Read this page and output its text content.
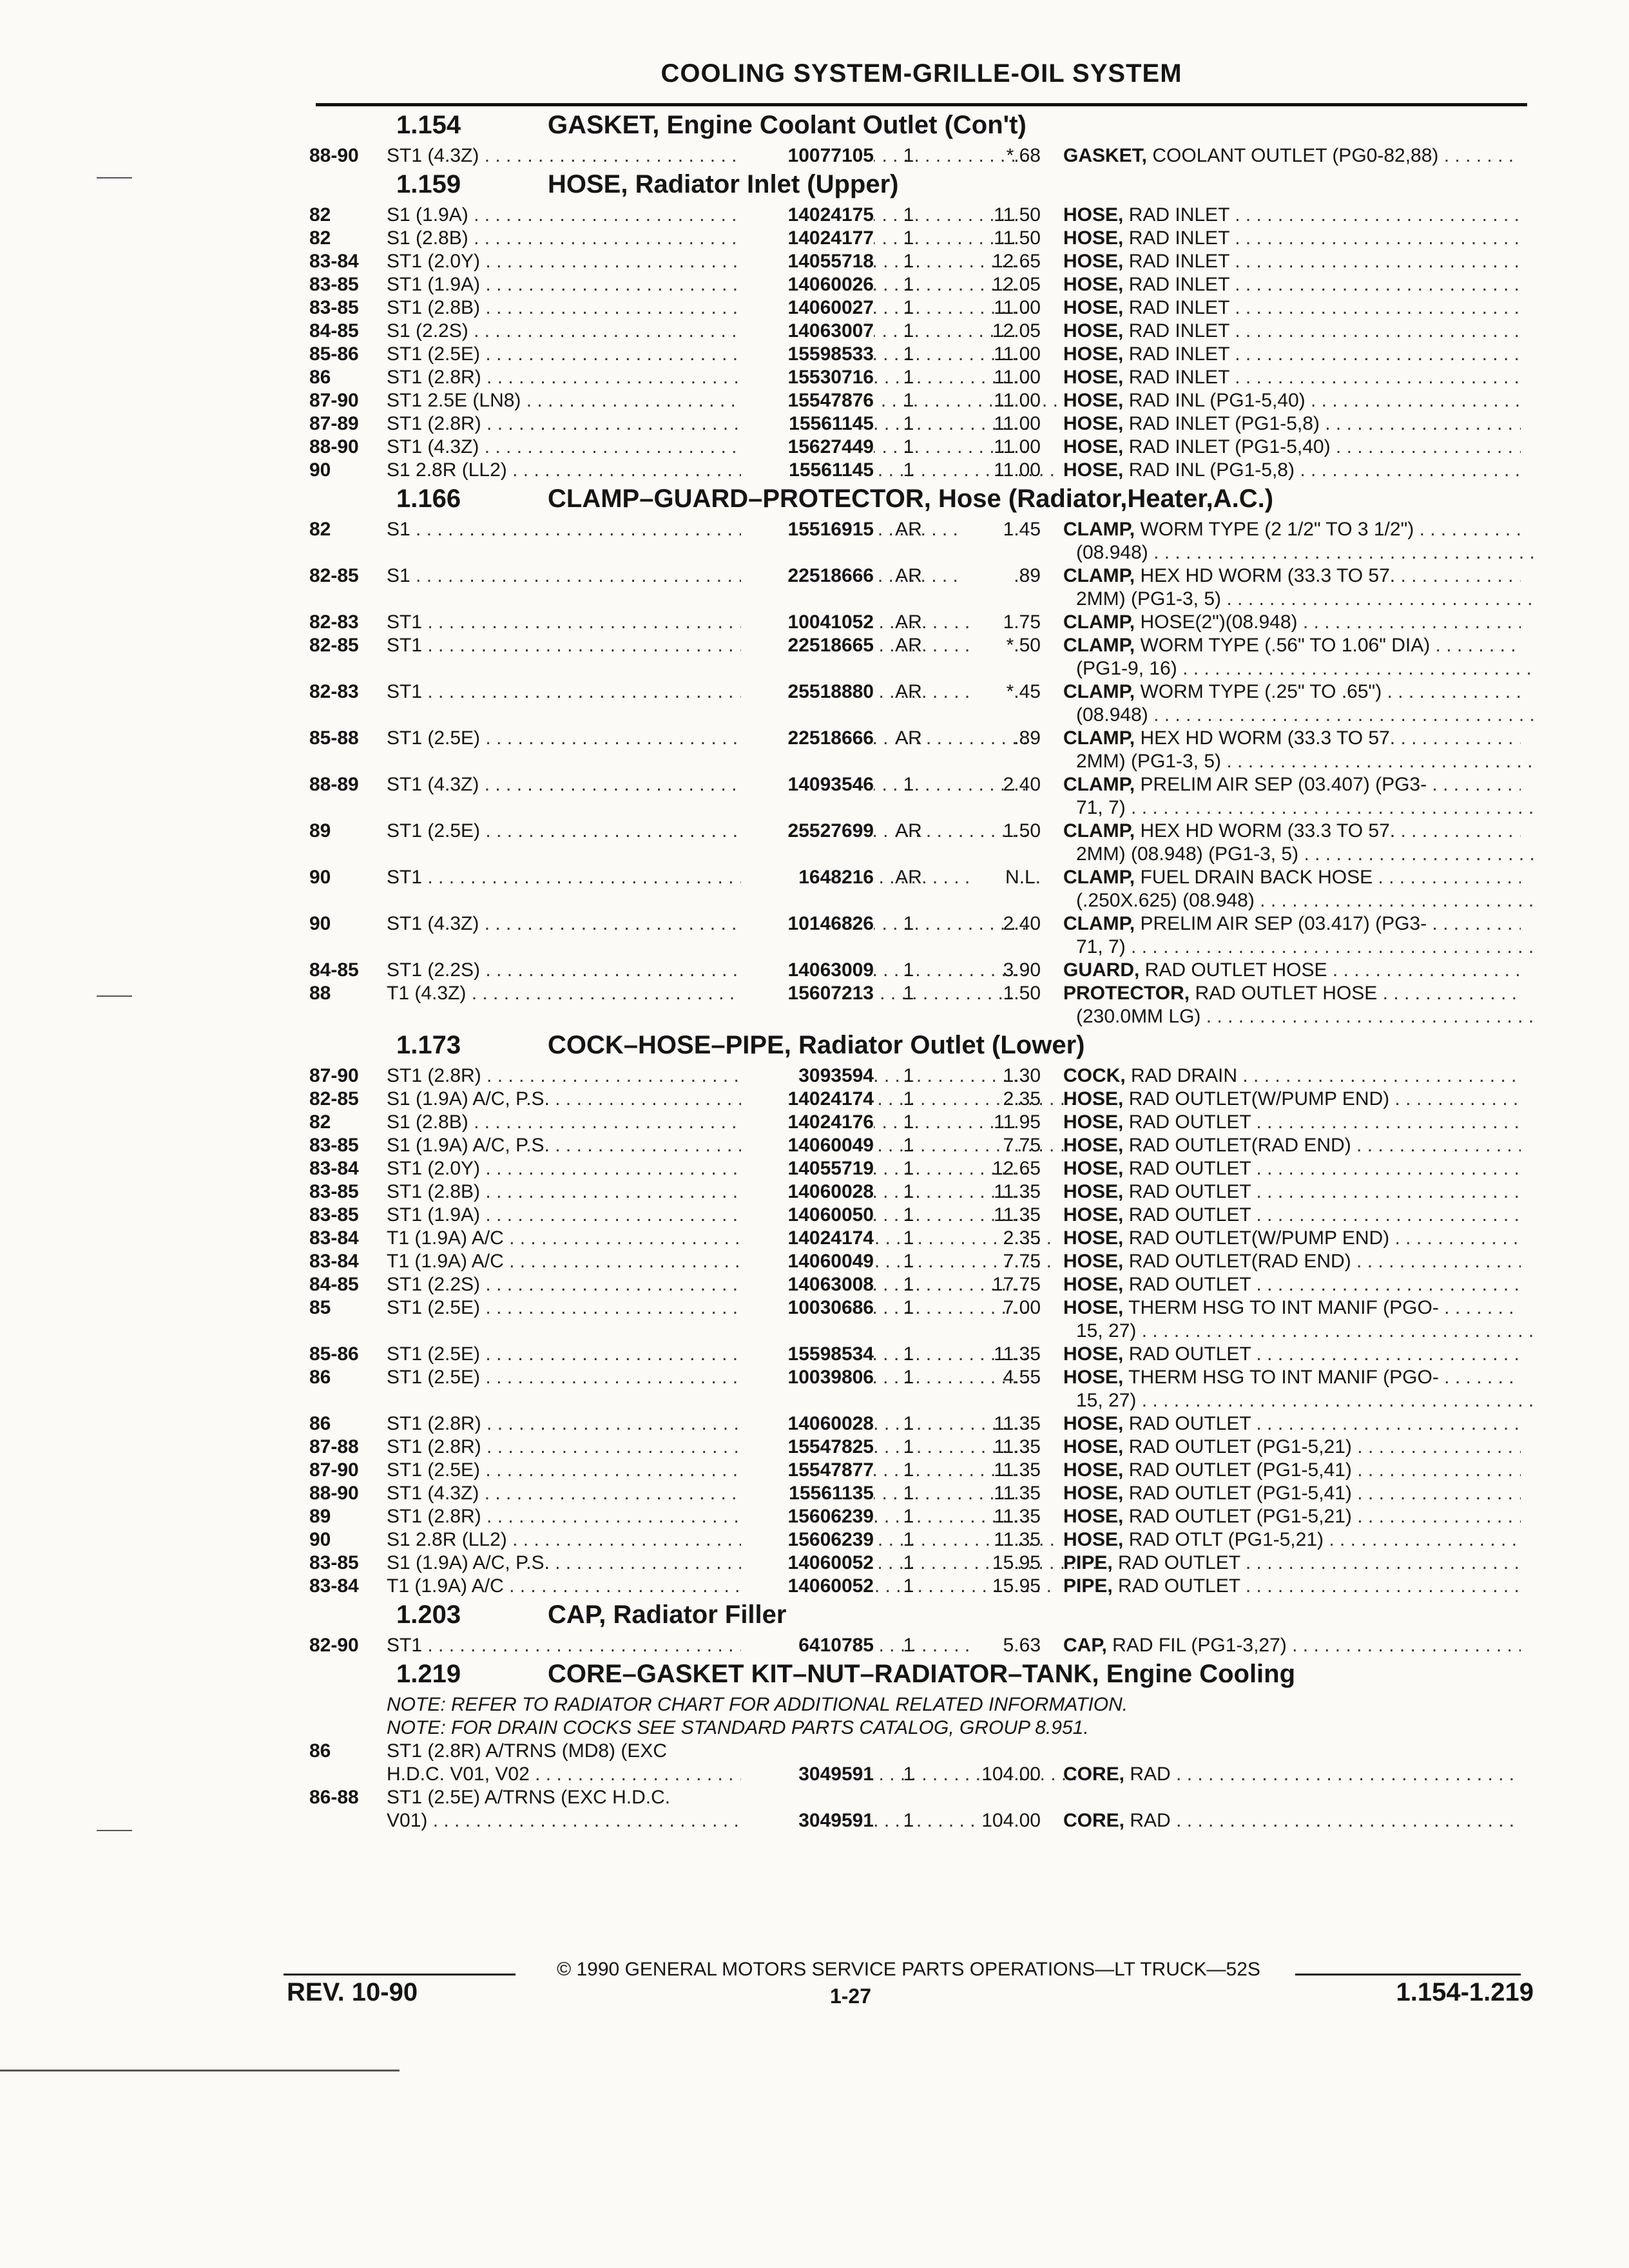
COOLING SYSTEM-GRILLE-OIL SYSTEM
1.154	GASKET, Engine Coolant Outlet (Con't)
88-90 ST1 (4.3Z) . . .	10077105	1	*.68 GASKET, COOLANT OUTLET (PG0-82,88) . . .
1.159	HOSE, Radiator Inlet (Upper)
82	S1 (1.9A) . . .	14024175	1	11.50 HOSE, RAD INLET . . .
82	S1 (2.8B) . . .	14024177	1	11.50 HOSE, RAD INLET . . .
83-84 ST1 (2.0Y) . . .	14055718	1	12.65 HOSE, RAD INLET . . .
83-85 ST1 (1.9A) . . .	14060026	1	12.05 HOSE, RAD INLET . . .
83-85 ST1 (2.8B) . . .	14060027	1	11.00 HOSE, RAD INLET . . .
84-85 S1 (2.2S) . . .	14063007	1	12.05 HOSE, RAD INLET . . .
85-86 ST1 (2.5E) . . .	15598533	1	11.00 HOSE, RAD INLET . . .
86	ST1 (2.8R) . . .	15530716	1	11.00 HOSE, RAD INLET . . .
87-90 ST1 2.5E (LN8) . . .	15547876	1	11.00 HOSE, RAD INL (PG1-5,40) . . .
87-89 ST1 (2.8R) . . .	15561145	1	11.00 HOSE, RAD INLET (PG1-5,8) . . .
88-90 ST1 (4.3Z) . . .	15627449	1	11.00 HOSE, RAD INLET (PG1-5,40) . . .
90	S1 2.8R (LL2) . . .	15561145	1	11.00 HOSE, RAD INL (PG1-5,8) . . .
1.166	CLAMP–GUARD–PROTECTOR, Hose (Radiator,Heater,A.C.)
82	S1 . . .	15516915	AR	1.45 CLAMP, WORM TYPE (2 1/2" TO 3 1/2") . . .
(08.948) . . .
82-85 S1 . . .	22518666	AR	.89 CLAMP, HEX HD WORM (33.3 TO 57. . . .
2MM) (PG1-3, 5) . . .
82-83 ST1 . . .	10041052	AR	1.75 CLAMP, HOSE(2")(08.948) . . .
82-85 ST1 . . .	22518665	AR	*.50 CLAMP, WORM TYPE (.56" TO 1.06" DIA) . . .
(PG1-9, 16) . . .
82-83 ST1 . . .	25518880	AR	*.45 CLAMP, WORM TYPE (.25" TO .65") . . .
(08.948) . . .
85-88 ST1 (2.5E) . . .	22518666	AR	.89 CLAMP, HEX HD WORM (33.3 TO 57. . . .
2MM) (PG1-3, 5) . . .
88-89 ST1 (4.3Z) . . .	14093546	1	2.40 CLAMP, PRELIM AIR SEP (03.407) (PG3- . . .
71, 7) . . .
89	ST1 (2.5E) . . .	25527699	AR	1.50 CLAMP, HEX HD WORM (33.3 TO 57. . . .
2MM) (08.948) (PG1-3, 5) . . .
90	ST1 . . .	1648216	AR	N.L. CLAMP, FUEL DRAIN BACK HOSE . . .
(.250X.625) (08.948) . . .
90	ST1 (4.3Z) . . .	10146826	1	2.40 CLAMP, PRELIM AIR SEP (03.417) (PG3- . . .
71, 7) . . .
84-85 ST1 (2.2S) . . .	14063009	1	3.90 GUARD, RAD OUTLET HOSE . . .
88	T1 (4.3Z) . . .	15607213	1	1.50 PROTECTOR, RAD OUTLET HOSE . . .
(230.0MM LG) . . .
1.173	COCK–HOSE–PIPE, Radiator Outlet (Lower)
87-90 ST1 (2.8R) . . .	3093594	1	1.30 COCK, RAD DRAIN . . .
82-85 S1 (1.9A) A/C, P.S. . . .	14024174	1	2.35 HOSE, RAD OUTLET(W/PUMP END) . . .
82	S1 (2.8B) . . .	14024176	1	11.95 HOSE, RAD OUTLET . . .
83-85 S1 (1.9A) A/C, P.S. . . .	14060049	1	7.75 HOSE, RAD OUTLET(RAD END) . . .
83-84 ST1 (2.0Y) . . .	14055719	1	12.65 HOSE, RAD OUTLET . . .
83-85 ST1 (2.8B) . . .	14060028	1	11.35 HOSE, RAD OUTLET . . .
83-85 ST1 (1.9A) . . .	14060050	1	11.35 HOSE, RAD OUTLET . . .
83-84 T1 (1.9A) A/C . . .	14024174	1	2.35 HOSE, RAD OUTLET(W/PUMP END) . . .
83-84 T1 (1.9A) A/C . . .	14060049	1	7.75 HOSE, RAD OUTLET(RAD END) . . .
84-85 ST1 (2.2S) . . .	14063008	1	17.75 HOSE, RAD OUTLET . . .
85	ST1 (2.5E) . . .	10030686	1	7.00 HOSE, THERM HSG TO INT MANIF (PGO- . . .
15, 27) . . .
85-86 ST1 (2.5E) . . .	15598534	1	11.35 HOSE, RAD OUTLET . . .
86	ST1 (2.5E) . . .	10039806	1	4.55 HOSE, THERM HSG TO INT MANIF (PGO- . . .
15, 27) . . .
86	ST1 (2.8R) . . .	14060028	1	11.35 HOSE, RAD OUTLET . . .
87-88 ST1 (2.8R) . . .	15547825	1	11.35 HOSE, RAD OUTLET (PG1-5,21) . . .
87-90 ST1 (2.5E) . . .	15547877	1	11.35 HOSE, RAD OUTLET (PG1-5,41) . . .
88-90 ST1 (4.3Z) . . .	15561135	1	11.35 HOSE, RAD OUTLET (PG1-5,41) . . .
89	ST1 (2.8R) . . .	15606239	1	11.35 HOSE, RAD OUTLET (PG1-5,21) . . .
90	S1 2.8R (LL2) . . .	15606239	1	11.35 HOSE, RAD OTLT (PG1-5,21) . . .
83-85 S1 (1.9A) A/C, P.S. . . .	14060052	1	15.95 PIPE, RAD OUTLET . . .
83-84 T1 (1.9A) A/C . . .	14060052	1	15.95 PIPE, RAD OUTLET . . .
1.203	CAP, Radiator Filler
82-90 ST1 . . .	6410785	1	5.63 CAP, RAD FIL (PG1-3,27) . . .
1.219	CORE–GASKET KIT–NUT–RADIATOR–TANK, Engine Cooling
NOTE: REFER TO RADIATOR CHART FOR ADDITIONAL RELATED INFORMATION.
NOTE: FOR DRAIN COCKS SEE STANDARD PARTS CATALOG, GROUP 8.951.
86	ST1 (2.8R) A/TRNS (MD8) (EXC
H.D.C. V01, V02 . . .	3049591	1	104.00 CORE, RAD . . .
86-88 ST1 (2.5E) A/TRNS (EXC H.D.C.
V01) . . .	3049591	1	104.00 CORE, RAD . . .
© 1990 GENERAL MOTORS SERVICE PARTS OPERATIONS—LT TRUCK—52S
REV. 10-90	1-27	1.154-1.219
